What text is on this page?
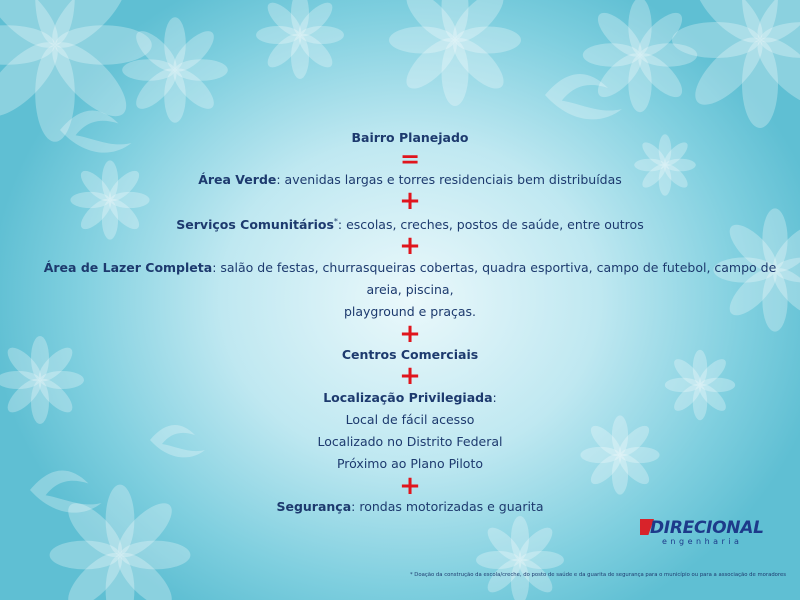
Bairro Planejado
=
Área Verde: avenidas largas e torres residenciais bem distribuídas
+
Serviços Comunitários*: escolas, creches, postos de saúde, entre outros
+
Área de Lazer Completa: salão de festas, churrasqueiras cobertas, quadra esportiva, campo de futebol, campo de areia, piscina,
playground e praças.
+
Centros Comerciais
+
Localização Privilegiada:
Local de fácil acesso
Localizado no Distrito Federal
Próximo ao Plano Piloto
+
Segurança: rondas motorizadas e guarita
DIRECIONAL
engenharia
* Doação da construção da escola/creche, do posto de saúde e da guarita de segurança para o município ou para a associação de moradores
